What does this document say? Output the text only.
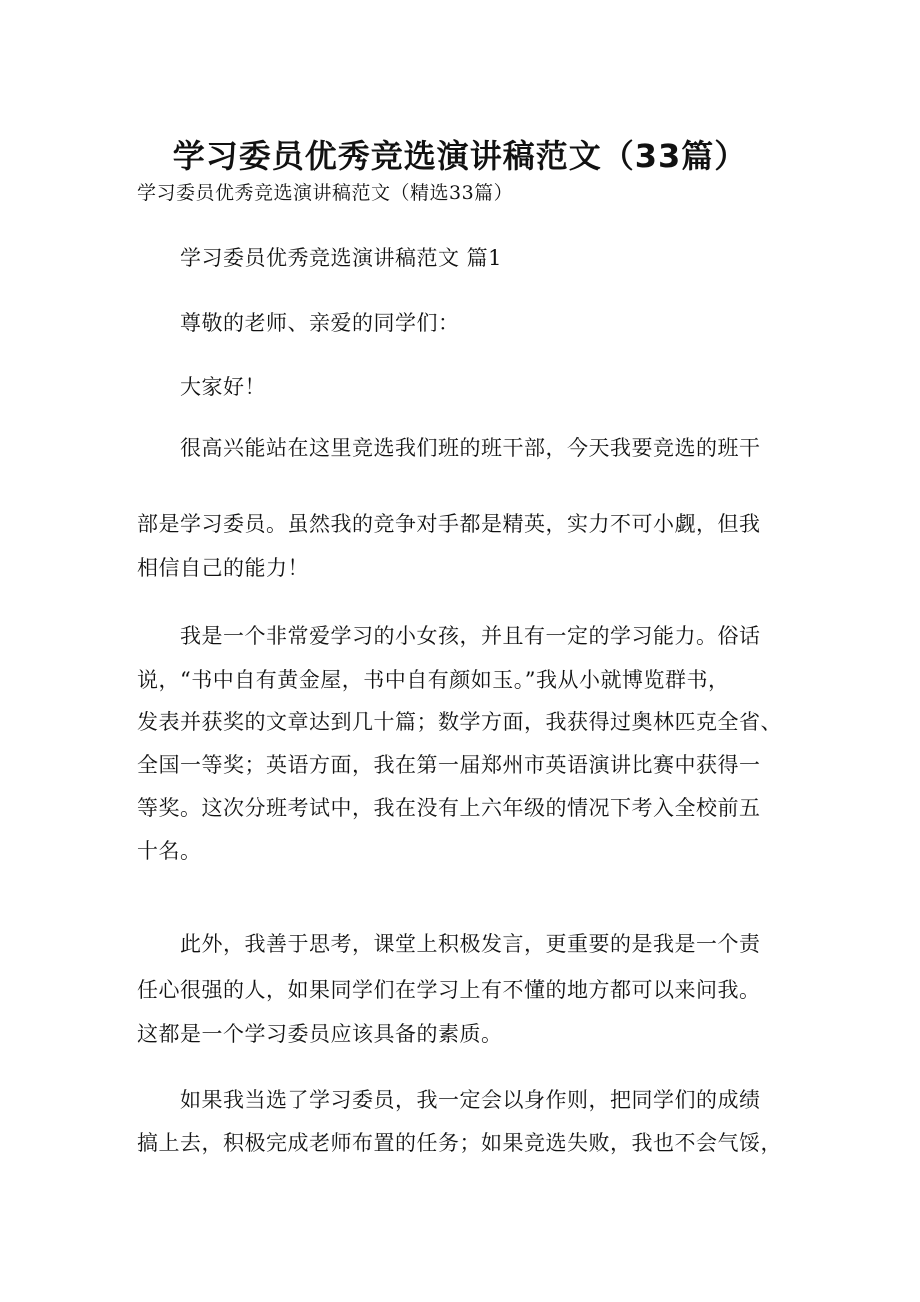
学习委员优秀竞选演讲稿范文（33篇）
学习委员优秀竞选演讲稿范文（精选33篇）
学习委员优秀竞选演讲稿范文 篇1
尊敬的老师、亲爱的同学们：
大家好！
很高兴能站在这里竞选我们班的班干部，今天我要竞选的班干
部是学习委员。虽然我的竞争对手都是精英，实力不可小觑，但我
相信自己的能力！
我是一个非常爱学习的小女孩，并且有一定的学习能力。俗话
说，“书中自有黄金屋，书中自有颜如玉。”我从小就博览群书，
发表并获奖的文章达到几十篇；数学方面，我获得过奥林匹克全省、
全国一等奖；英语方面，我在第一届郑州市英语演讲比赛中获得一
等奖。这次分班考试中，我在没有上六年级的情况下考入全校前五
十名。
此外，我善于思考，课堂上积极发言，更重要的是我是一个责
任心很强的人，如果同学们在学习上有不懂的地方都可以来问我。
这都是一个学习委员应该具备的素质。
如果我当选了学习委员，我一定会以身作则，把同学们的成绩
搞上去，积极完成老师布置的任务；如果竞选失败，我也不会气馁，
